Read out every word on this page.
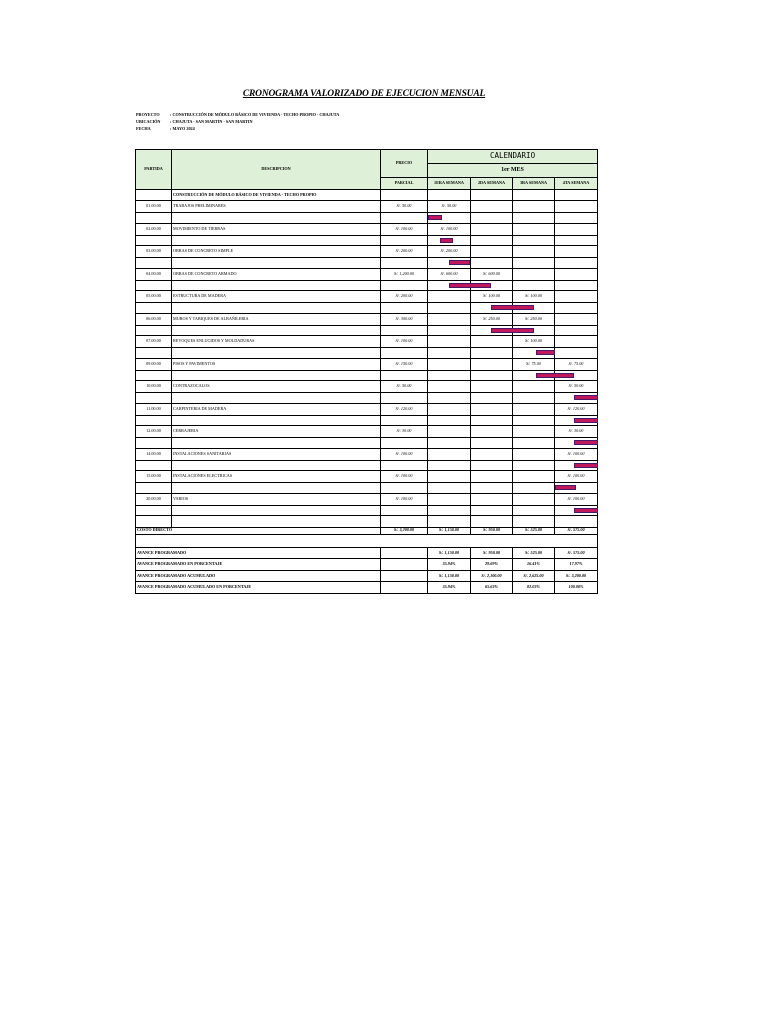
CRONOGRAMA VALORIZADO DE EJECUCION MENSUAL
PROYECTO	: CONSTRUCCIÓN DE MÓDULO BÁSICO DE VIVIENDA - TECHO PROPIO - CHAJUTA
UBICACIÓN	: CHAJUTA - SAN MARTIN - SAN MARTIN
FECHA	: MAYO 2024
PARTIDA	DESCRIPCION	PRECIO	CALENDARIO			
			1er MES			
		PARCIAL	1ERA SEMANA	2DA SEMANA	3RA SEMANA	4TA SEMANA
	CONSTRUCCIÓN DE MÓDULO BÁSICO DE VIVIENDA - TECHO PROPIO					
01.00.00	TRABAJOS PRELIMINARES	S/. 50.00	S/. 50.00			

02.00.00	MOVIMIENTO DE TIERRAS	S/. 100.00	S/. 100.00			

03.00.00	OBRAS DE CONCRETO SIMPLE	S/. 200.00	S/. 200.00			

04.00.00	OBRAS DE CONCRETO ARMADO	S/. 1,200.00	S/. 600.00	S/. 600.00		

05.00.00	ESTRUCTURA DE MADERA	S/. 200.00		S/. 100.00	S/. 100.00	

06.00.00	MUROS Y TABIQUES DE ALBAÑILERIA	S/. 300.00		S/. 250.00	S/. 250.00	

07.00.00	REVOQUES ENLUCIDOS Y MOLDADURAS	S/. 100.00			S/. 100.00	

09.00.00	PISOS Y PAVIMENTOS	S/. 150.00			S/. 75.00	S/. 75.00

10.00.00	CONTRAZOCALOS	S/. 50.00				S/. 50.00

11.00.00	CARPINTERIA DE MADERA	S/. 120.00				S/. 120.00

12.00.00	CERRAJERIA	S/. 30.00				S/. 30.00

14.00.00	INSTALACIONES SANITARIAS	S/. 100.00				S/. 100.00

15.00.00	INSTALACIONES ELECTRICAS	S/. 100.00				S/. 100.00

20.00.00	VARIOS	S/. 100.00				S/. 100.00

COSTO DIRECTO		S/. 3,200.00	S/. 1,150.00	S/. 950.00	S/. 525.00	S/. 575.00

AVANCE PROGRAMADO			S/. 1,150.00	S/. 950.00	S/. 525.00	S/. 575.00
AVANCE PROGRAMADO EN PORCENTAJE			35.94%	29.69%	16.41%	17.97%
AVANCE PROGRAMADO ACUMULADO			S/. 1,150.00	S/. 2,100.00	S/. 2,625.00	S/. 3,200.00
AVANCE PROGRAMADO ACUMULADO EN PORCENTAJE			35.94%	65.63%	82.03%	100.00%
